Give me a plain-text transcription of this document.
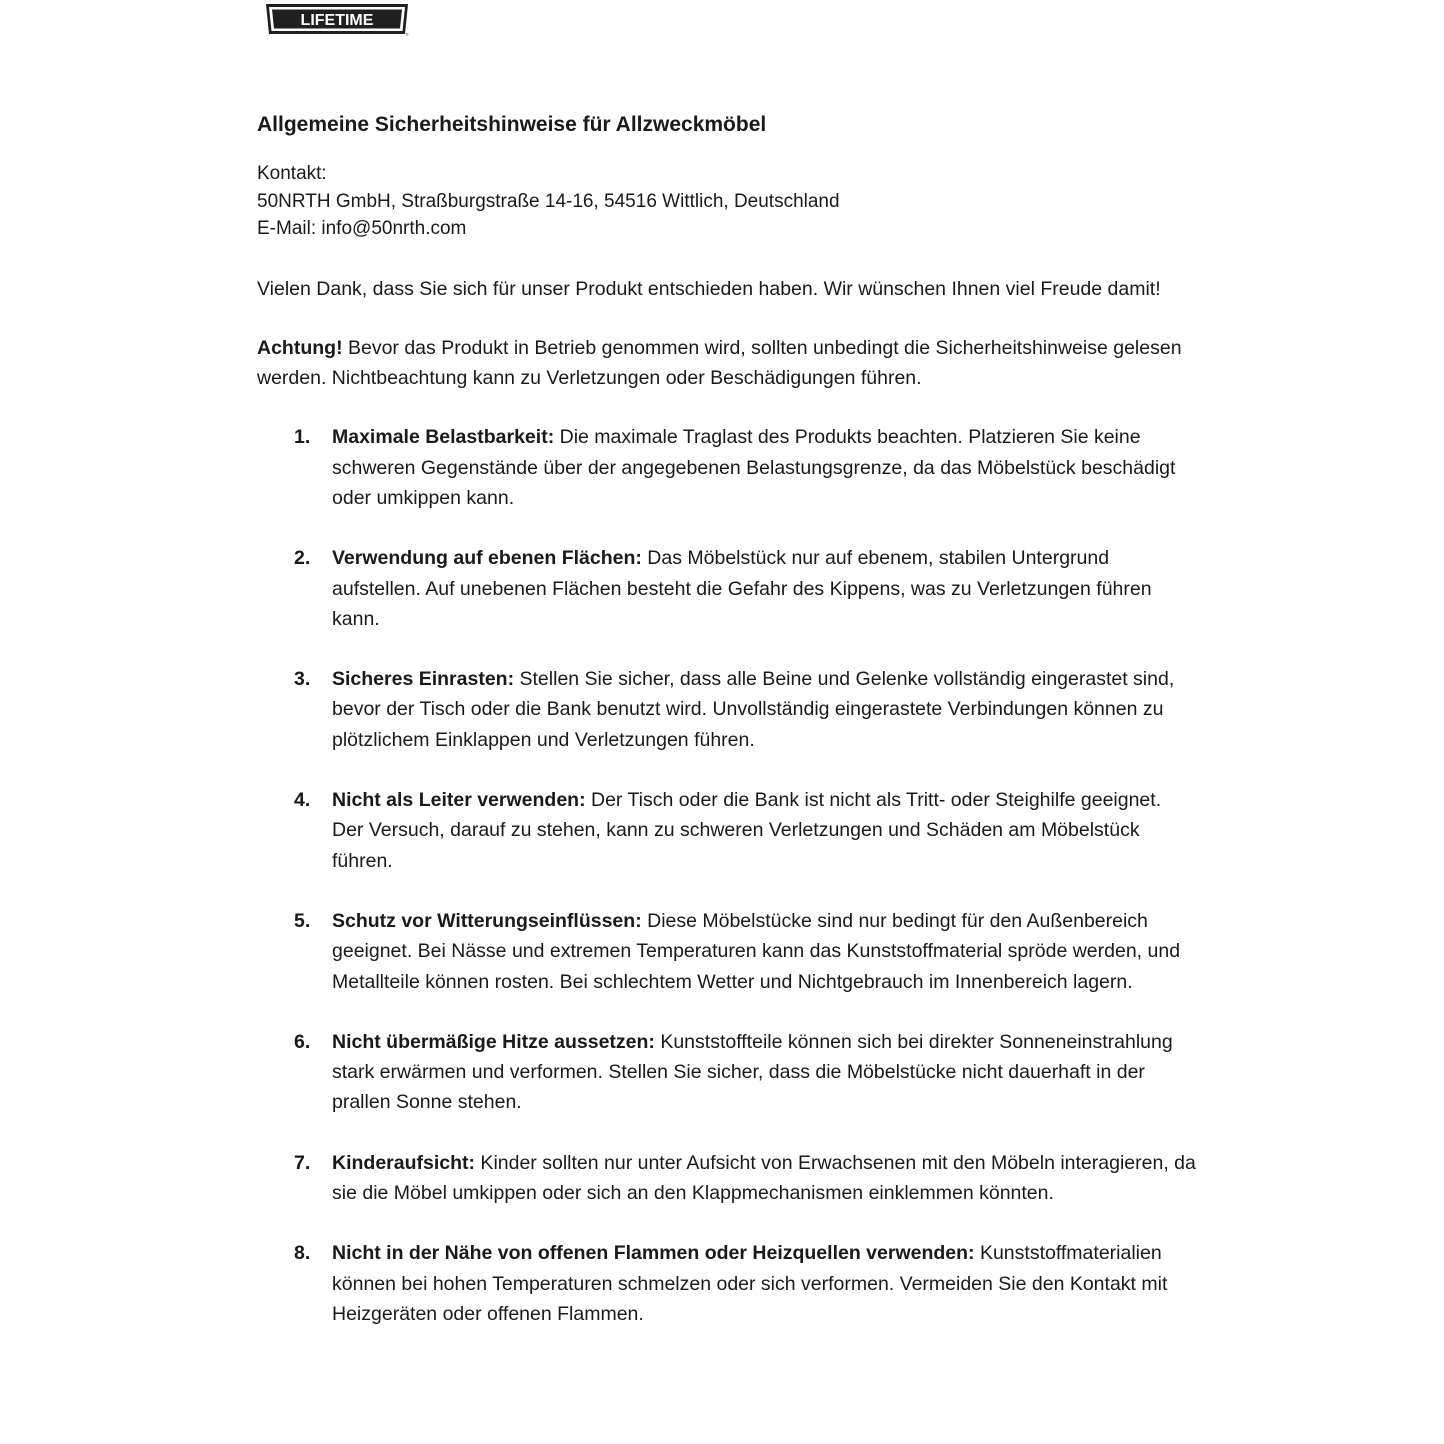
LIFETIME
®
Allgemeine Sicherheitshinweise für Allzweckmöbel
Kontakt:
50NRTH GmbH, Straßburgstraße 14-16, 54516 Wittlich, Deutschland
E-Mail: info@50nrth.com

Vielen Dank, dass Sie sich für unser Produkt entschieden haben. Wir wünschen Ihnen viel Freude damit!

Achtung! Bevor das Produkt in Betrieb genommen wird, sollten unbedingt die Sicherheitshinweise gelesen werden. Nichtbeachtung kann zu Verletzungen oder Beschädigungen führen.

1. Maximale Belastbarkeit: Die maximale Traglast des Produkts beachten. Platzieren Sie keine schweren Gegenstände über der angegebenen Belastungsgrenze, da das Möbelstück beschädigt oder umkippen kann.
2. Verwendung auf ebenen Flächen: Das Möbelstück nur auf ebenem, stabilen Untergrund aufstellen. Auf unebenen Flächen besteht die Gefahr des Kippens, was zu Verletzungen führen kann.
3. Sicheres Einrasten: Stellen Sie sicher, dass alle Beine und Gelenke vollständig eingerastet sind, bevor der Tisch oder die Bank benutzt wird. Unvollständig eingerastete Verbindungen können zu plötzlichem Einklappen und Verletzungen führen.
4. Nicht als Leiter verwenden: Der Tisch oder die Bank ist nicht als Tritt- oder Steighilfe geeignet. Der Versuch, darauf zu stehen, kann zu schweren Verletzungen und Schäden am Möbelstück führen.
5. Schutz vor Witterungseinflüssen: Diese Möbelstücke sind nur bedingt für den Außenbereich geeignet. Bei Nässe und extremen Temperaturen kann das Kunststoffmaterial spröde werden, und Metallteile können rosten. Bei schlechtem Wetter und Nichtgebrauch im Innenbereich lagern.
6. Nicht übermäßige Hitze aussetzen: Kunststoffteile können sich bei direkter Sonneneinstrahlung stark erwärmen und verformen. Stellen Sie sicher, dass die Möbelstücke nicht dauerhaft in der prallen Sonne stehen.
7. Kinderaufsicht: Kinder sollten nur unter Aufsicht von Erwachsenen mit den Möbeln interagieren, da sie die Möbel umkippen oder sich an den Klappmechanismen einklemmen könnten.
8. Nicht in der Nähe von offenen Flammen oder Heizquellen verwenden: Kunststoffmaterialien können bei hohen Temperaturen schmelzen oder sich verformen. Vermeiden Sie den Kontakt mit Heizgeräten oder offenen Flammen.
